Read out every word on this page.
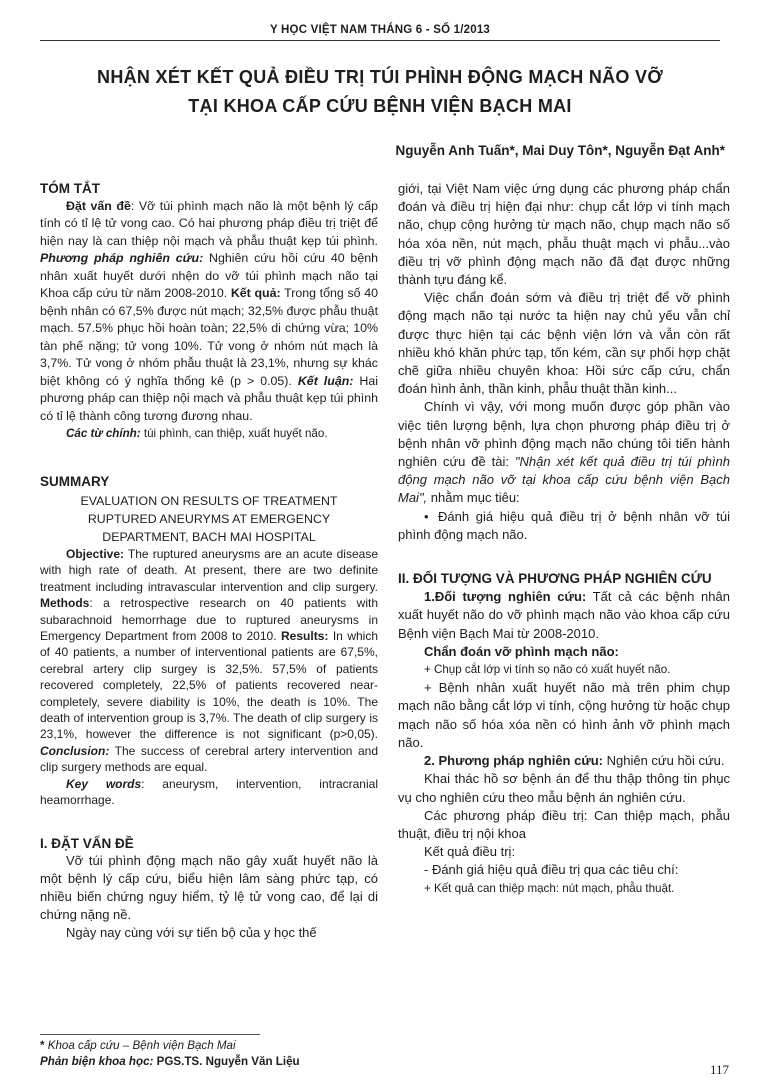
Y HỌC VIỆT NAM THÁNG 6 - SỐ 1/2013
NHẬN XÉT KẾT QUẢ ĐIỀU TRỊ TÚI PHÌNH ĐỘNG MẠCH NÃO VỠ
TẠI KHOA CẤP CỨU BỆNH VIỆN BẠCH MAI
Nguyễn Anh Tuấn*, Mai Duy Tôn*, Nguyễn Đạt Anh*
TÓM TẮT

Đặt vấn đề: Vỡ túi phình mạch não là một bệnh lý cấp tính có tỉ lệ tử vong cao. Có hai phương pháp điều trị triệt để hiện nay là can thiệp nội mạch và phẫu thuật kẹp túi phình. Phương pháp nghiên cứu: Nghiên cứu hồi cứu 40 bệnh nhân xuất huyết dưới nhện do vỡ túi phình mạch não tại Khoa cấp cứu từ năm 2008-2010. Kết quả: Trong tổng số 40 bệnh nhân có 67,5% được nút mạch; 32,5% được phẫu thuật mạch. 57.5% phục hồi hoàn toàn; 22,5% di chứng vừa; 10% tàn phế nặng; tử vong 10%. Tử vong ở nhóm nút mạch là 3,7%. Tử vong ở nhóm phẫu thuật là 23,1%, nhưng sự khác biệt không có ý nghĩa thống kê (p > 0.05). Kết luận: Hai phương pháp can thiệp nội mạch và phẫu thuật kẹp túi phình có tỉ lệ thành công tương đương nhau.

Các từ chính: túi phình, can thiệp, xuất huyết não.

SUMMARY

EVALUATION ON RESULTS OF TREATMENT

RUPTURED ANEURYMS AT EMERGENCY

DEPARTMENT, BACH MAI HOSPITAL

Objective: The ruptured aneurysms are an acute disease with high rate of death. At present, there are two definite treatment including intravascular intervention and clip surgery. Methods: a retrospective research on 40 patients with subarachnoid hemorrhage due to ruptured aneurysms in Emergency Department from 2008 to 2010. Results: In which of 40 patients, a number of interventional patients are 67,5%, cerebral artery clip surgey is 32,5%. 57,5% of patients recovered completely, 22,5% of patients recovered near-completely, severe diability is 10%, the death is 10%. The death of intervention group is 3,7%. The death of clip surgery is 23,1%, however the difference is not significant (p>0,05). Conclusion: The success of cerebral artery intervention and clip surgery methods are equal.

Key words: aneurysm, intervention, intracranial heamorrhage.

I. ĐẶT VẤN ĐỀ

Vỡ túi phình động mạch não gây xuất huyết não là một bệnh lý cấp cứu, biểu hiện lâm sàng phức tạp, có nhiều biến chứng nguy hiểm, tỷ lệ tử vong cao, để lại di chứng nặng nề.

Ngày nay cùng với sự tiến bộ của y học thế

* Khoa cấp cứu – Bệnh viện Bạch Mai
Phản biện khoa học: PGS.TS. Nguyễn Văn Liệu

giới, tại Việt Nam việc ứng dụng các phương pháp chẩn đoán và điều trị hiện đại như: chụp cắt lớp vi tính mạch não, chụp cộng hưởng từ mạch não, chụp mạch não số hóa xóa nền, nút mạch, phẫu thuật mạch vi phẫu...vào điều trị vỡ phình động mạch não đã đạt được những thành tựu đáng kể.

Việc chẩn đoán sớm và điều trị triệt để vỡ phình động mạch não tại nước ta hiện nay chủ yếu vẫn chỉ được thực hiện tại các bệnh viện lớn và vẫn còn rất nhiều khó khăn phức tạp, tốn kém, cần sự phối hợp chặt chẽ giữa nhiều chuyên khoa: Hồi sức cấp cứu, chẩn đoán hình ảnh, thần kinh, phẫu thuật thần kinh...

Chính vì vậy, với mong muốn được góp phần vào việc tiên lượng bệnh, lựa chọn phương pháp điều trị ở bệnh nhân vỡ phình động mạch não chúng tôi tiến hành nghiên cứu đề tài: "Nhận xét kết quả điều trị túi phình động mạch não vỡ tại khoa cấp cứu bệnh viện Bạch Mai", nhằm mục tiêu:

• Đánh giá hiệu quả điều trị ở bệnh nhân vỡ túi phình động mạch não.

II. ĐỐI TƯỢNG VÀ PHƯƠNG PHÁP NGHIÊN CỨU

1.Đối tượng nghiên cứu: Tất cả các bệnh nhân xuất huyết não do vỡ phình mạch não vào khoa cấp cứu Bệnh viện Bạch Mai từ 2008-2010.

Chẩn đoán vỡ phình mạch não:

+ Chụp cắt lớp vi tính sọ não có xuất huyết não.

+ Bệnh nhân xuất huyết não mà trên phim chụp mạch não bằng cắt lớp vi tính, cộng hưởng từ hoặc chụp mạch não số hóa xóa nền có hình ảnh vỡ phình mạch não.

2. Phương pháp nghiên cứu: Nghiên cứu hồi cứu.

Khai thác hồ sơ bệnh án để thu thập thông tin phục vụ cho nghiên cứu theo mẫu bệnh án nghiên cứu.

Các phương pháp điều trị: Can thiệp mạch, phẫu thuật, điều trị nội khoa

Kết quả điều trị:

- Đánh giá hiệu quả điều trị qua các tiêu chí:

+ Kết quả can thiệp mạch: nút mạch, phẫu thuật.

117
